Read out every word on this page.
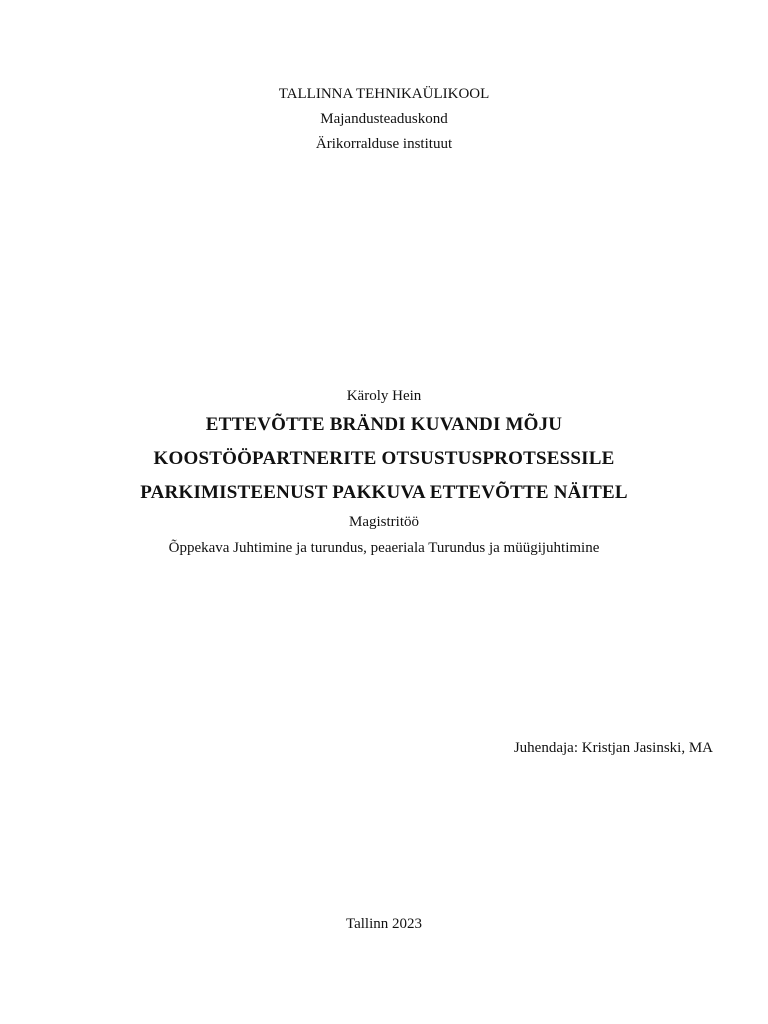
TALLINNA TEHNIKAÜLIKOOL
Majandusteaduskond
Ärikorralduse instituut
Käroly Hein
ETTEVÕTTE BRÄNDI KUVANDI MÕJU
KOOSTÖÖPARTNERITE OTSUSTUSPROTSESSILE
PARKIMISTEENUST PAKKUVA ETTEVÕTTE NÄITEL
Magistritöö
Õppekava Juhtimine ja turundus, peaeriala Turundus ja müügijuhtimine
Juhendaja: Kristjan Jasinski, MA
Tallinn 2023
